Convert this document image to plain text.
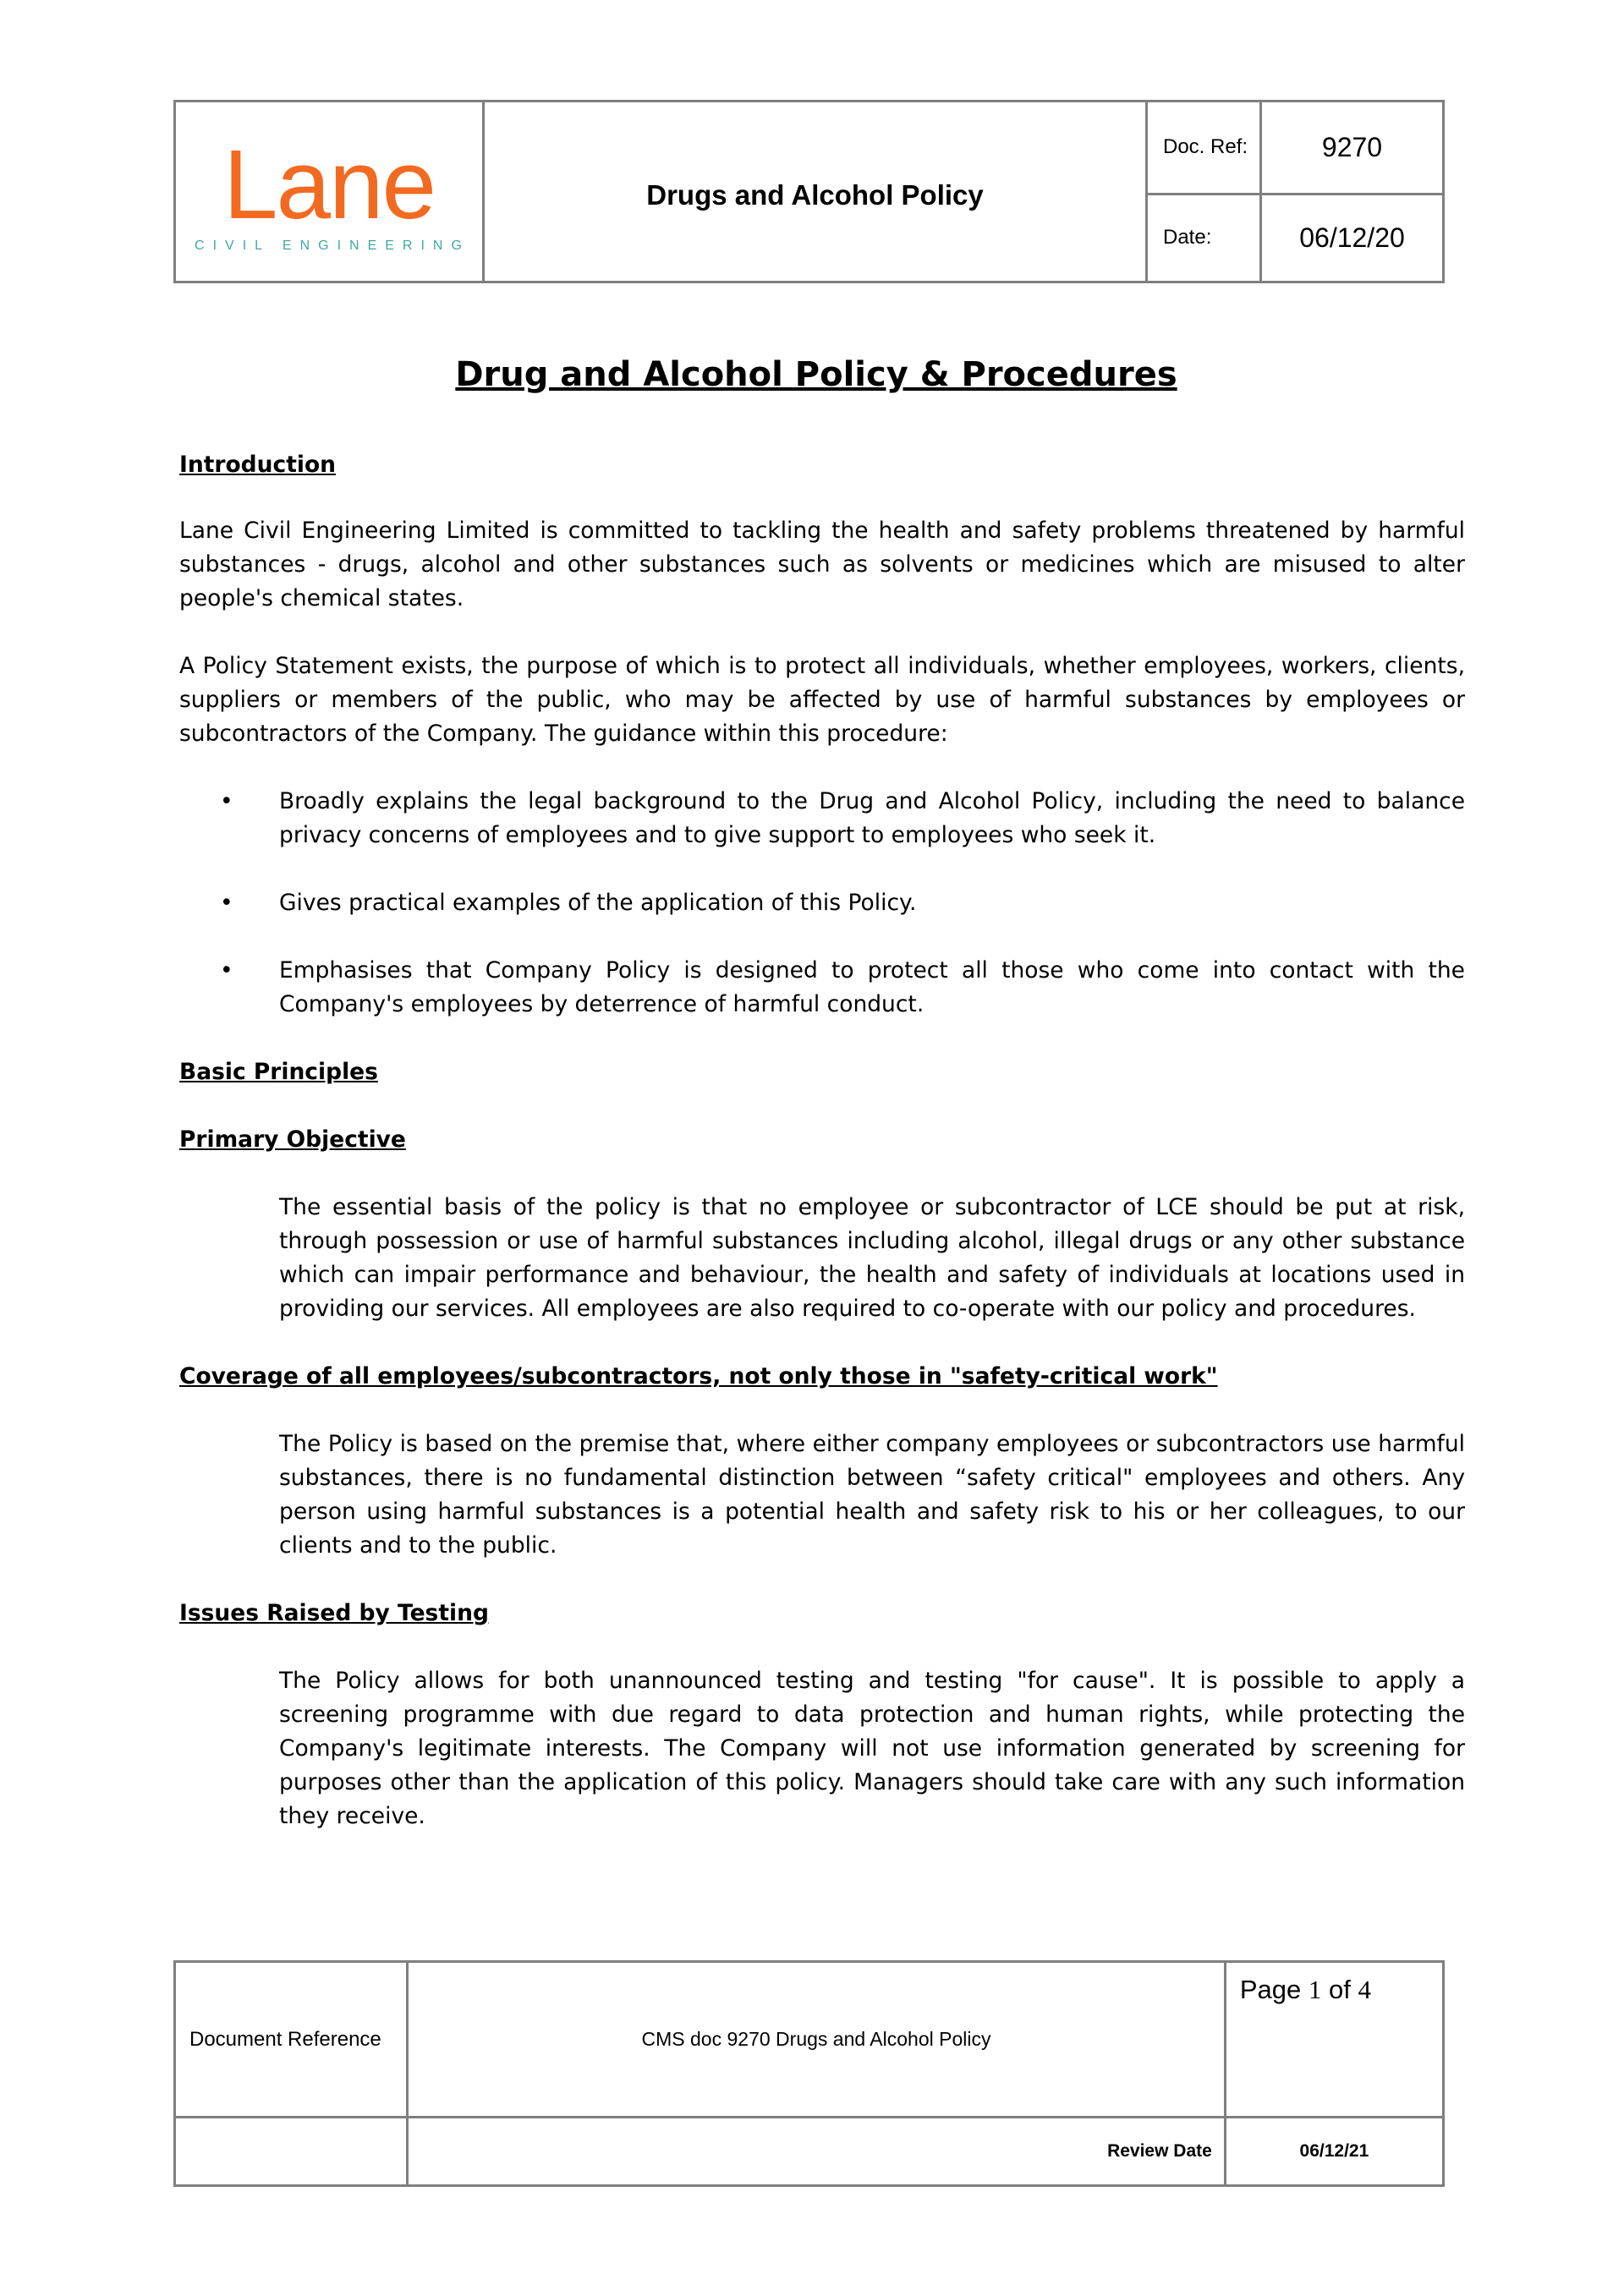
Lane
CIVIL ENGINEERING	Drugs and Alcohol Policy	Doc. Ref:	9270
		Date:	06/12/20
Drug and Alcohol Policy & Procedures

Introduction

Lane Civil Engineering Limited is committed to tackling the health and safety problems threatened by harmful substances - drugs, alcohol and other substances such as solvents or medicines which are misused to alter people's chemical states.

A Policy Statement exists, the purpose of which is to protect all individuals, whether employees, workers, clients, suppliers or members of the public, who may be affected by use of harmful substances by employees or subcontractors of the Company. The guidance within this procedure:

• Broadly explains the legal background to the Drug and Alcohol Policy, including the need to balance privacy concerns of employees and to give support to employees who seek it.

• Gives practical examples of the application of this Policy.

• Emphasises that Company Policy is designed to protect all those who come into contact with the Company's employees by deterrence of harmful conduct.

Basic Principles

Primary Objective

The essential basis of the policy is that no employee or subcontractor of LCE should be put at risk, through possession or use of harmful substances including alcohol, illegal drugs or any other substance which can impair performance and behaviour, the health and safety of individuals at locations used in providing our services. All employees are also required to co-operate with our policy and procedures.

Coverage of all employees/subcontractors, not only those in "safety-critical work"

The Policy is based on the premise that, where either company employees or subcontractors use harmful substances, there is no fundamental distinction between “safety critical" employees and others. Any person using harmful substances is a potential health and safety risk to his or her colleagues, to our clients and to the public.

Issues Raised by Testing

The Policy allows for both unannounced testing and testing "for cause". It is possible to apply a screening programme with due regard to data protection and human rights, while protecting the Company's legitimate interests. The Company will not use information generated by screening for purposes other than the application of this policy. Managers should take care with any such information they receive.

Document Reference	CMS doc 9270 Drugs and Alcohol Policy	Page 1 of 4
	Review Date	06/12/21
